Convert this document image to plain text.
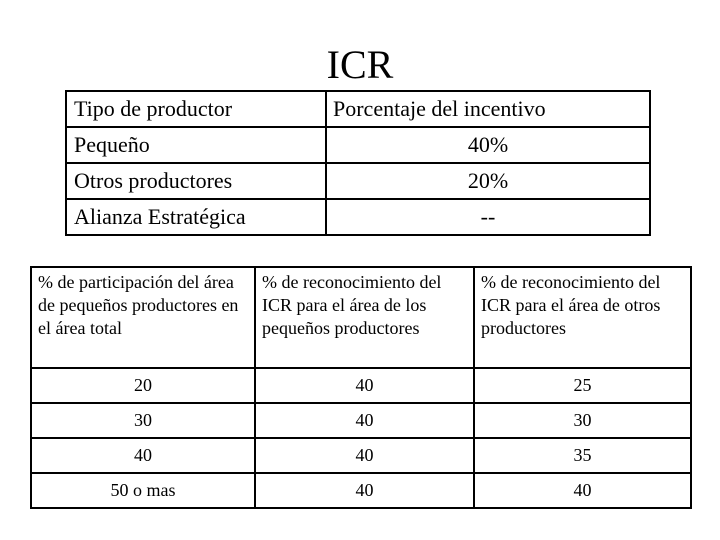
ICR
Tipo de productor	Porcentaje del incentivo
Pequeño	40%
Otros productores	20%
Alianza Estratégica	--
% de participación del área de pequeños productores en el área total	% de reconocimiento del ICR para el área de los pequeños productores	% de reconocimiento del ICR para el área de otros productores
20	40	25
30	40	30
40	40	35
50 o mas	40	40
